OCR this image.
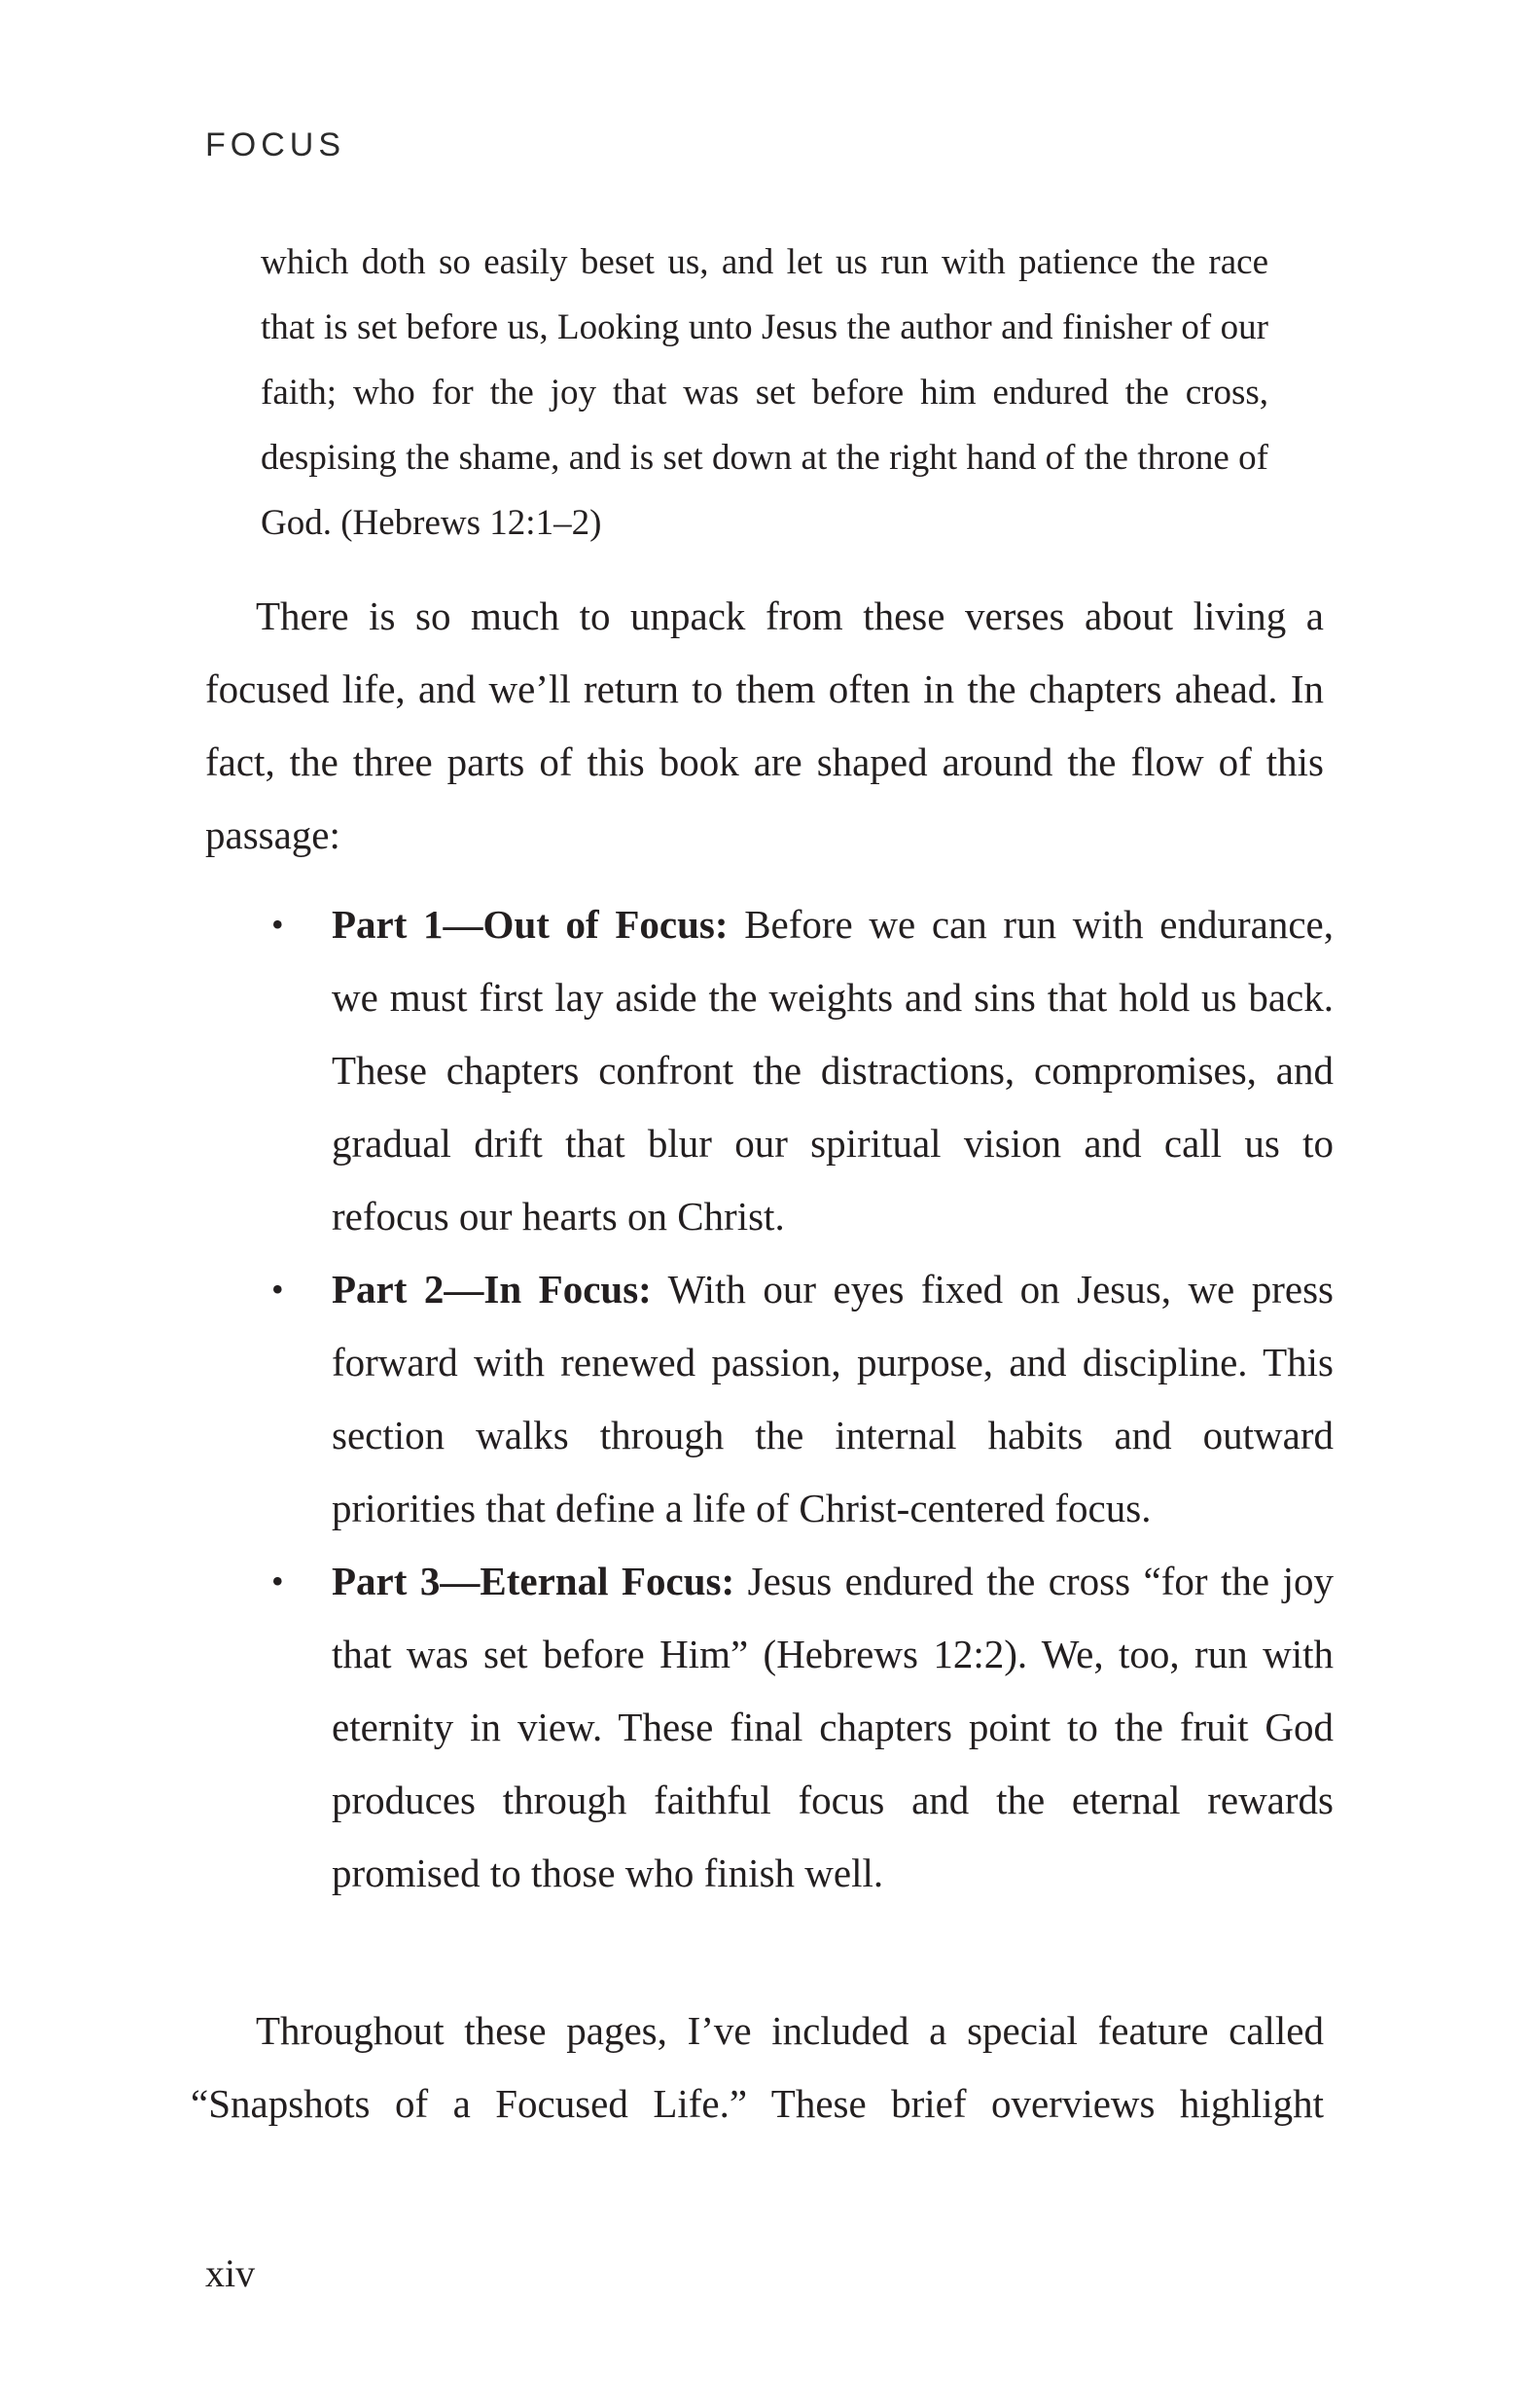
FOCUS
which doth so easily beset us, and let us run with patience the race that is set before us, Looking unto Jesus the author and finisher of our faith; who for the joy that was set before him endured the cross, despising the shame, and is set down at the right hand of the throne of God. (Hebrews 12:1–2)

There is so much to unpack from these verses about living a focused life, and we’ll return to them often in the chapters ahead. In fact, the three parts of this book are shaped around the flow of this passage:

• Part 1—Out of Focus: Before we can run with endurance, we must first lay aside the weights and sins that hold us back. These chapters confront the distractions, compromises, and gradual drift that blur our spiritual vision and call us to refocus our hearts on Christ.
• Part 2—In Focus: With our eyes fixed on Jesus, we press forward with renewed passion, purpose, and discipline. This section walks through the internal habits and outward priorities that define a life of Christ-centered focus.
• Part 3—Eternal Focus: Jesus endured the cross “for the joy that was set before Him” (Hebrews 12:2). We, too, run with eternity in view. These final chapters point to the fruit God produces through faithful focus and the eternal rewards promised to those who finish well.

Throughout these pages, I’ve included a special feature called “Snapshots of a Focused Life.” These brief overviews highlight

xiv
